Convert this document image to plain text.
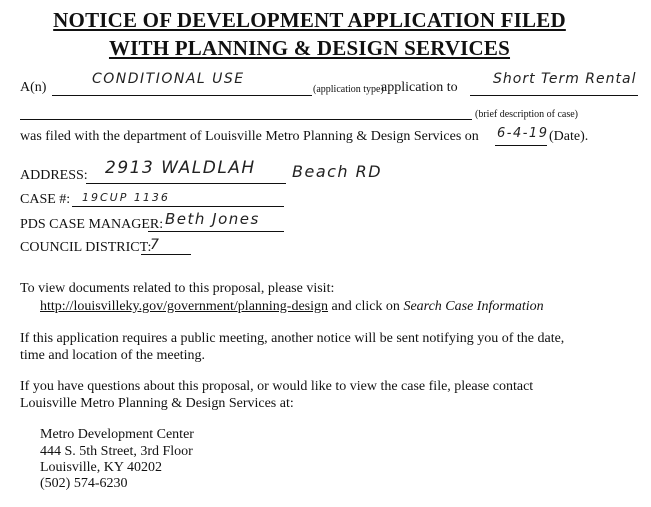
NOTICE OF DEVELOPMENT APPLICATION FILED
WITH PLANNING & DESIGN SERVICES
A(n)
CONDITIONAL USE
(application type)
application to
Short Term Rental
(brief description of case)
was filed with the department of Louisville Metro Planning & Design Services on 6-4-19 (Date).
ADDRESS: 2913 WALDLAH Beach RD
CASE #: 19CUP 1136
PDS CASE MANAGER: Beth Jones
COUNCIL DISTRICT:
7
To view documents related to this proposal, please visit:
http://louisvilleky.gov/government/planning-design and click on Search Case Information
If this application requires a public meeting, another notice will be sent notifying you of the date,
time and location of the meeting.
If you have questions about this proposal, or would like to view the case file, please contact
Louisville Metro Planning & Design Services at:
Metro Development Center
444 S. 5th Street, 3rd Floor
Louisville, KY 40202
(502) 574-6230
